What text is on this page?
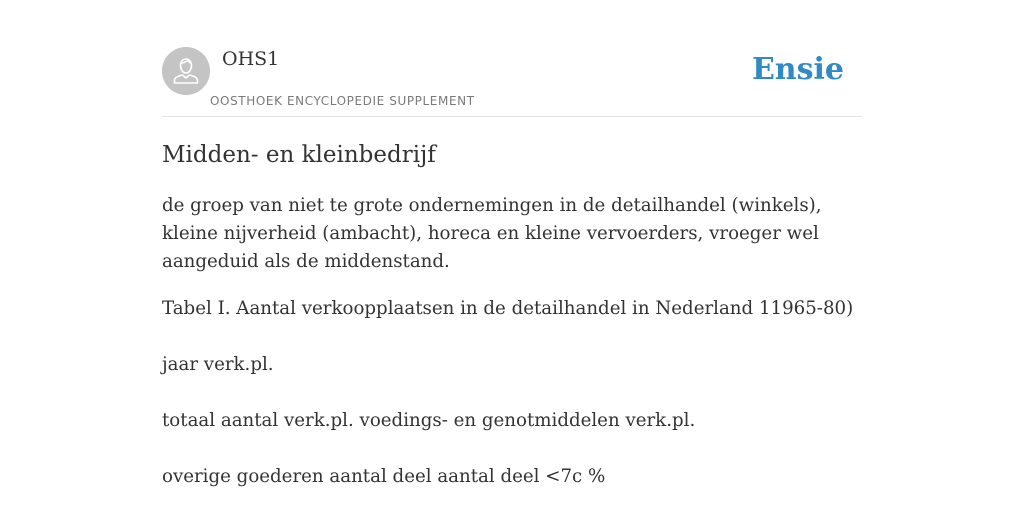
OHS1
OOSTHOEK ENCYCLOPEDIE SUPPLEMENT
Ensie
Midden- en kleinbedrijf

de groep van niet te grote ondernemingen in de detailhandel (winkels), kleine nijverheid (ambacht), horeca en kleine vervoerders, vroeger wel aangeduid als de middenstand.

Tabel I. Aantal verkoopplaatsen in de detailhandel in Nederland 11965-80)

jaar verk.pl.

totaal aantal verk.pl. voedings- en genotmiddelen verk.pl.

overige goederen aantal deel aantal deel <7c %
